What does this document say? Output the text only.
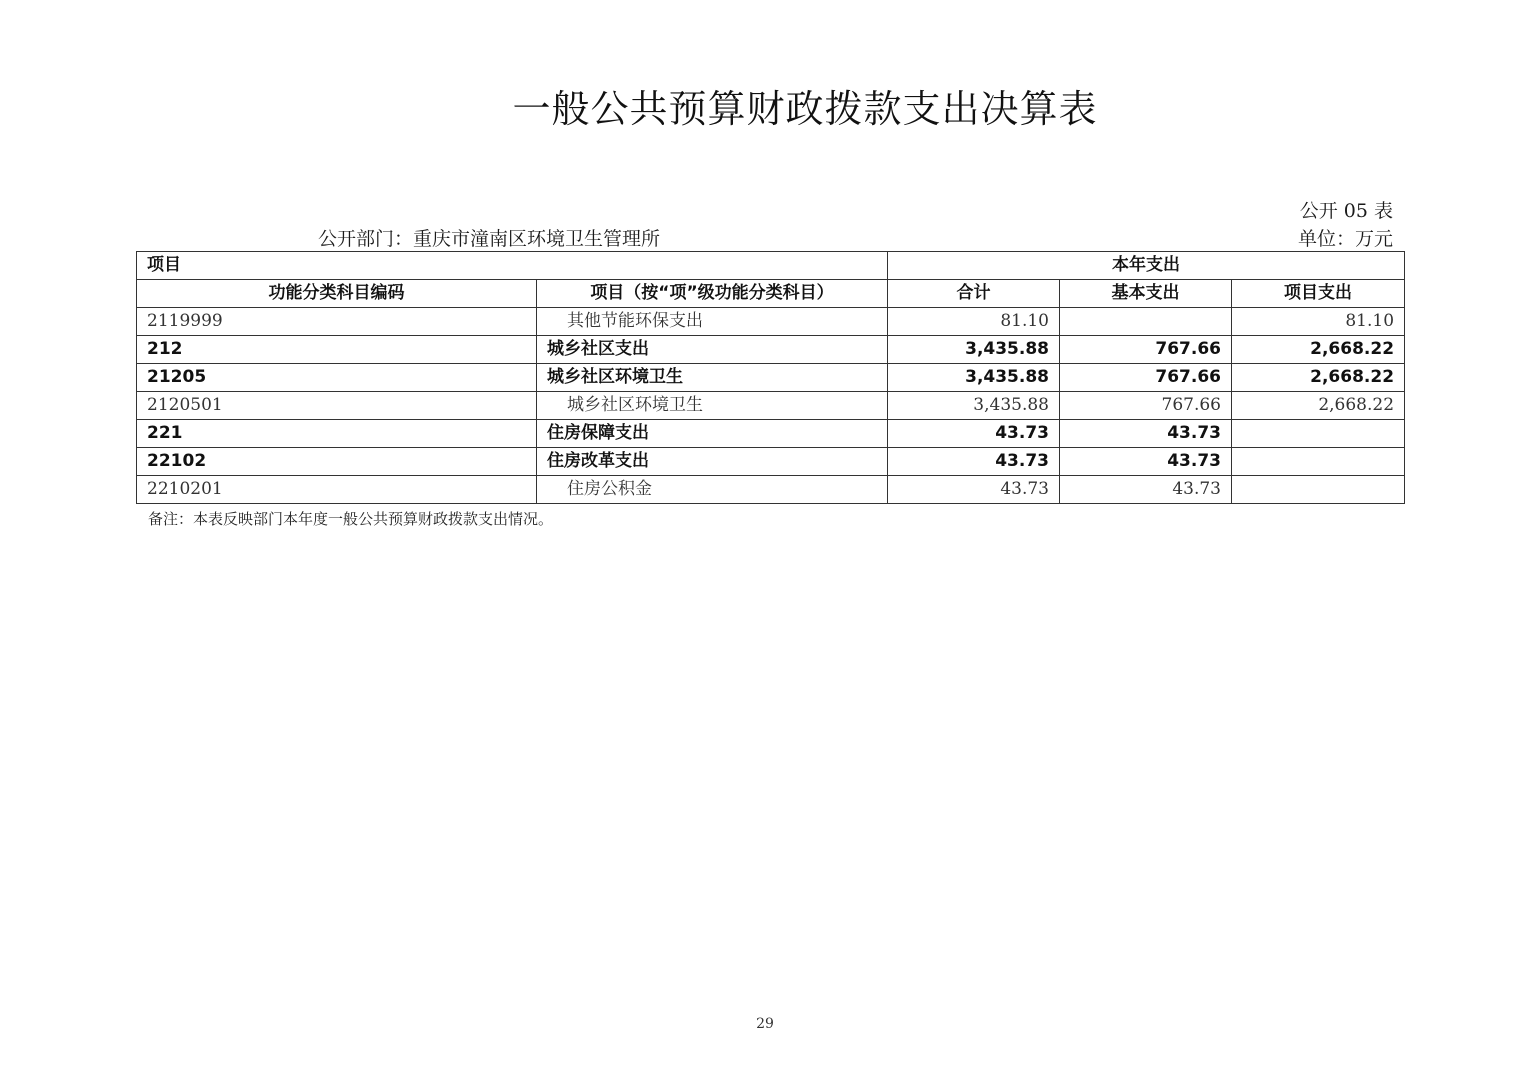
一般公共预算财政拨款支出决算表
公开 05 表
公开部门：重庆市潼南区环境卫生管理所	单位：万元
项目		本年支出		
功能分类科目编码	项目（按“项”级功能分类科目）	合计	基本支出	项目支出
2119999	其他节能环保支出	81.10		81.10
212	城乡社区支出	3,435.88	767.66	2,668.22
21205	城乡社区环境卫生	3,435.88	767.66	2,668.22
2120501	城乡社区环境卫生	3,435.88	767.66	2,668.22
221	住房保障支出	43.73	43.73	
22102	住房改革支出	43.73	43.73	
2210201	住房公积金	43.73	43.73	
备注：本表反映部门本年度一般公共预算财政拨款支出情况。
29
